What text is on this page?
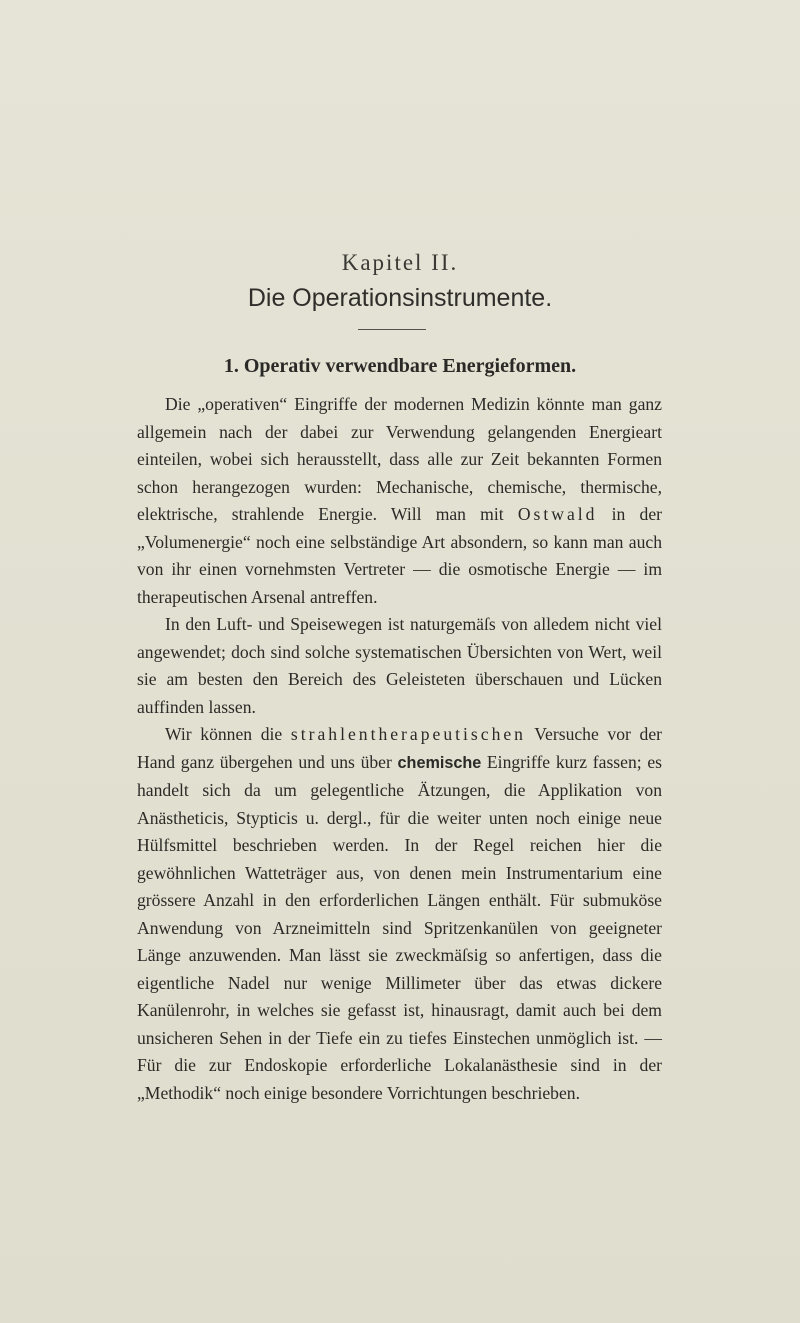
Kapitel II.
Die Operationsinstrumente.
1. Operativ verwendbare Energieformen.

Die „operativen“ Eingriffe der modernen Medizin könnte man ganz allgemein nach der dabei zur Verwendung gelangenden Energieart einteilen, wobei sich herausstellt, dass alle zur Zeit bekannten Formen schon herangezogen wurden: Mechanische, chemische, thermische, elektrische, strahlende Energie. Will man mit Ostwald in der „Volumenergie“ noch eine selbständige Art absondern, so kann man auch von ihr einen vornehmsten Vertreter — die osmotische Energie — im therapeutischen Arsenal antreffen.

In den Luft- und Speisewegen ist naturgemäſs von alledem nicht viel angewendet; doch sind solche systematischen Übersichten von Wert, weil sie am besten den Bereich des Geleisteten überschauen und Lücken auffinden lassen.

Wir können die strahlentherapeutischen Versuche vor der Hand ganz übergehen und uns über chemische Eingriffe kurz fassen; es handelt sich da um gelegentliche Ätzungen, die Applikation von Anästheticis, Stypticis u. dergl., für die weiter unten noch einige neue Hülfsmittel beschrieben werden. In der Regel reichen hier die gewöhnlichen Watteträger aus, von denen mein Instrumentarium eine grössere Anzahl in den erforderlichen Längen enthält. Für submuköse Anwendung von Arzneimitteln sind Spritzenkanülen von geeigneter Länge anzuwenden. Man lässt sie zweckmäſsig so anfertigen, dass die eigentliche Nadel nur wenige Millimeter über das etwas dickere Kanülenrohr, in welches sie gefasst ist, hinausragt, damit auch bei dem unsicheren Sehen in der Tiefe ein zu tiefes Einstechen unmöglich ist. — Für die zur Endoskopie erforderliche Lokalanästhesie sind in der „Methodik“ noch einige besondere Vorrichtungen beschrieben.
